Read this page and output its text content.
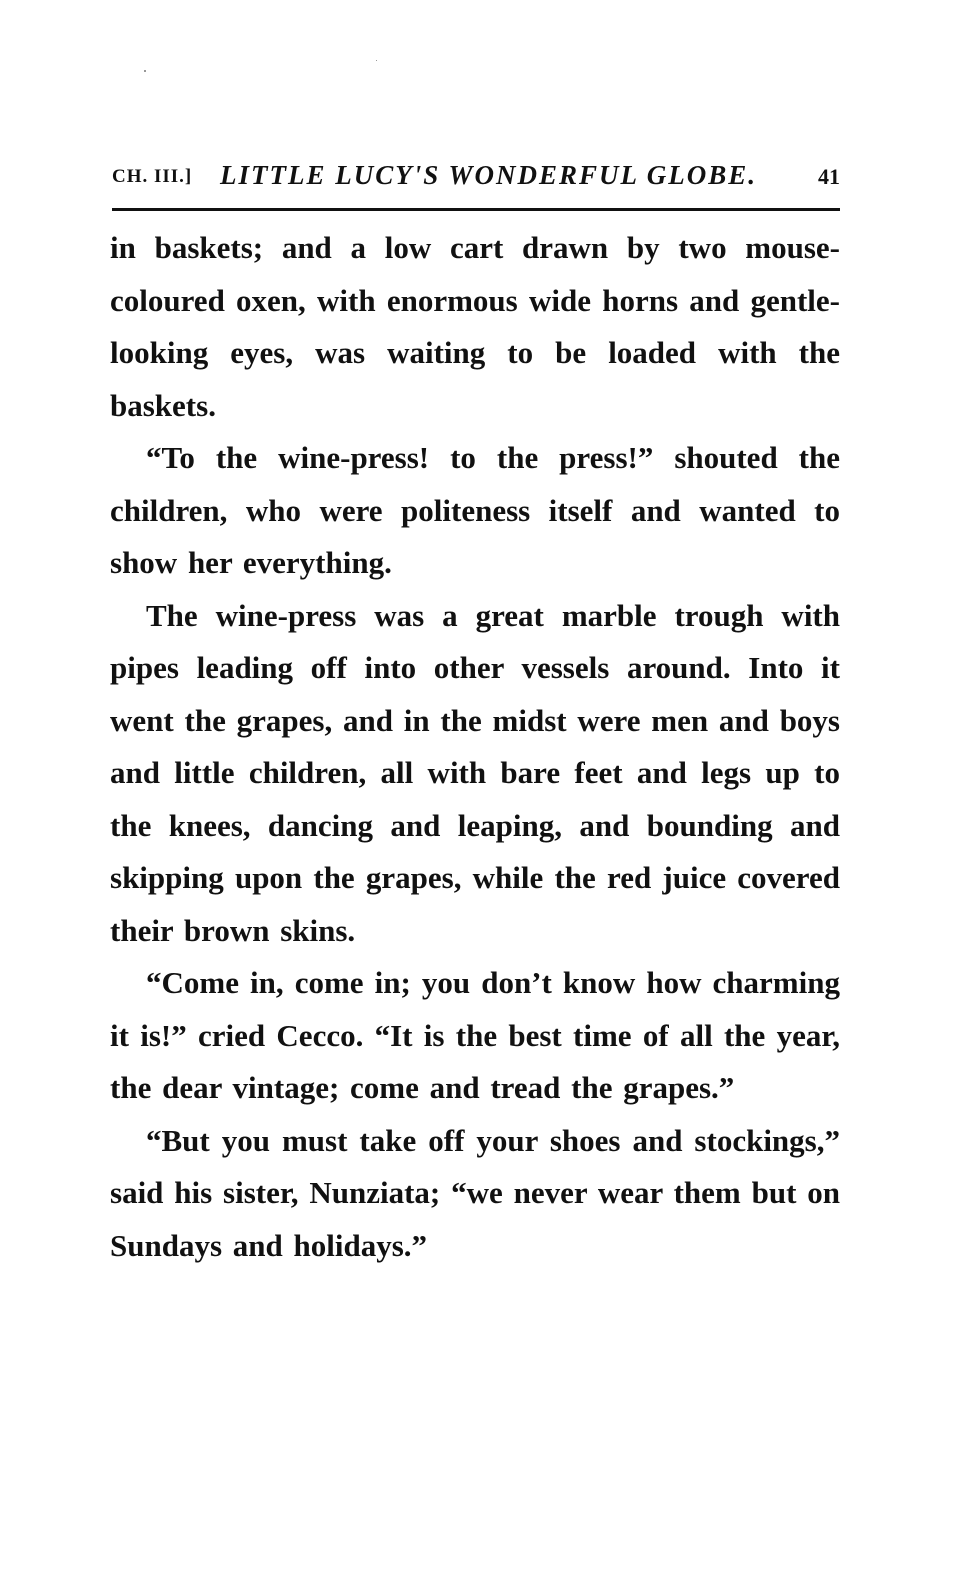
CH. III.] LITTLE LUCY'S WONDERFUL GLOBE.	41

in baskets; and a low cart drawn by two mouse-coloured oxen, with enormous wide horns and gentle-looking eyes, was waiting to be loaded with the baskets.

“To the wine-press! to the press!” shouted the children, who were politeness itself and wanted to show her everything.

The wine-press was a great marble trough with pipes leading off into other vessels around. Into it went the grapes, and in the midst were men and boys and little children, all with bare feet and legs up to the knees, dancing and leaping, and bounding and skipping upon the grapes, while the red juice covered their brown skins.

“Come in, come in; you don’t know how charming it is!” cried Cecco. “It is the best time of all the year, the dear vintage; come and tread the grapes.”

“But you must take off your shoes and stockings,” said his sister, Nunziata; “we never wear them but on Sundays and holidays.”
